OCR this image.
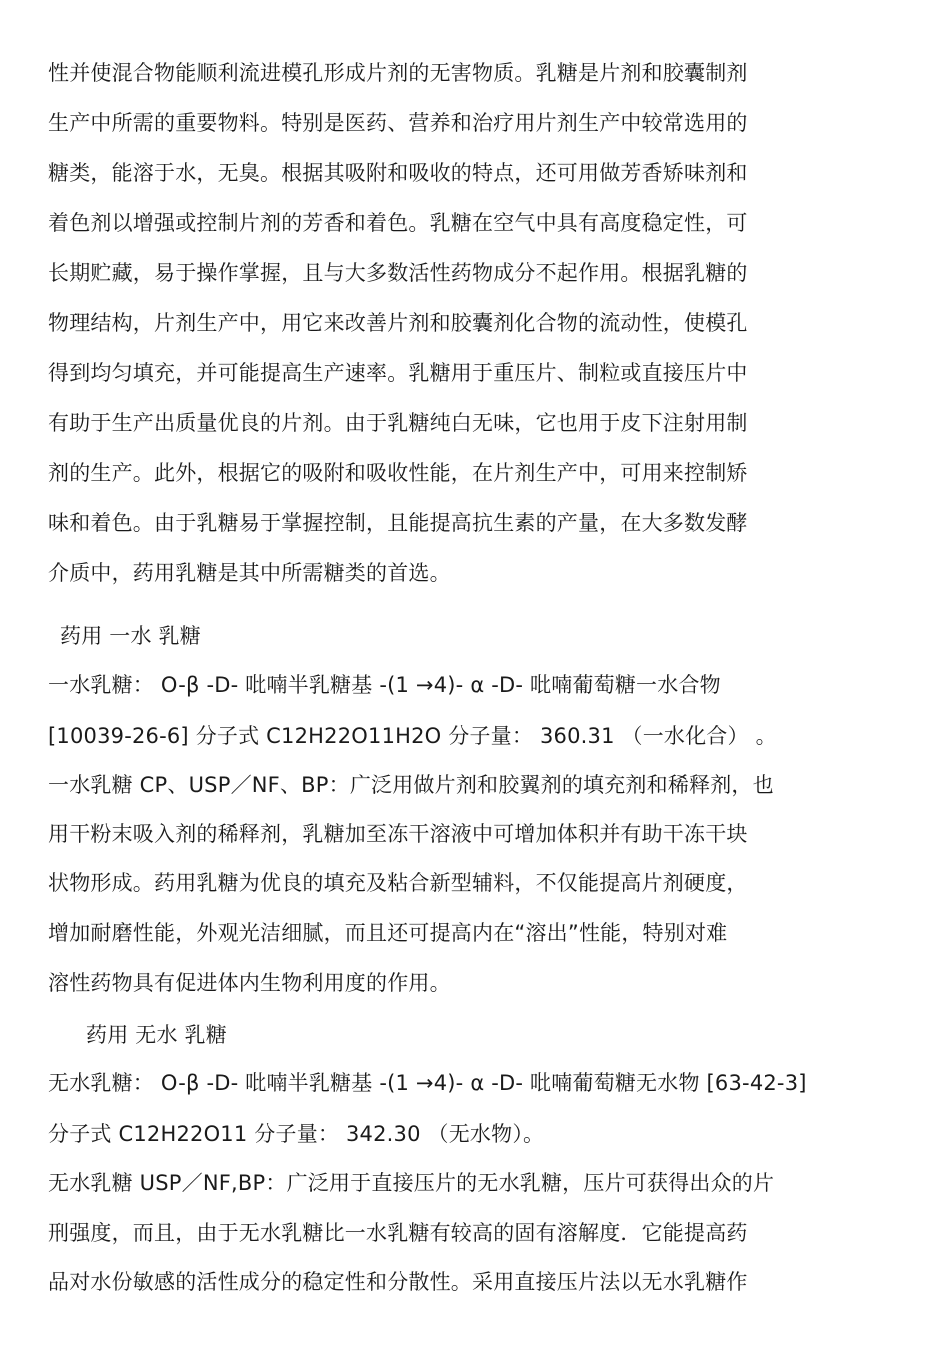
性并使混合物能顺利流进模孔形成片剂的无害物质。乳糖是片剂和胶囊制剂
生产中所需的重要物料。特别是医药、营养和治疗用片剂生产中较常选用的
糖类，能溶于水，无臭。根据其吸附和吸收的特点，还可用做芳香矫味剂和
着色剂以增强或控制片剂的芳香和着色。乳糖在空气中具有高度稳定性，可
长期贮藏，易于操作掌握，且与大多数活性药物成分不起作用。根据乳糖的
物理结构，片剂生产中，用它来改善片剂和胶囊剂化合物的流动性，使模孔
得到均匀填充，并可能提高生产速率。乳糖用于重压片、制粒或直接压片中
有助于生产出质量优良的片剂。由于乳糖纯白无味，它也用于皮下注射用制
剂的生产。此外，根据它的吸附和吸收性能，在片剂生产中，可用来控制矫
味和着色。由于乳糖易于掌握控制，且能提高抗生素的产量，在大多数发酵
介质中，药用乳糖是其中所需糖类的首选。
药用 一水 乳糖
一水乳糖： O-β -D- 吡喃半乳糖基 -(1 →4)- α -D- 吡喃葡萄糖一水合物
[10039-26-6] 分子式 C12H22O11H2O 分子量： 360.31 （一水化合） 。
一水乳糖 CP、USP／NF、BP：广泛用做片剂和胶翼剂的填充剂和稀释剂，也
用干粉末吸入剂的稀释剂，乳糖加至冻干溶液中可增加体积并有助干冻干块
状物形成。药用乳糖为优良的填充及粘合新型辅料，不仅能提高片剂硬度，
增加耐磨性能，外观光洁细腻，而且还可提高内在“溶出”性能，特别对难
溶性药物具有促进体内生物利用度的作用。
药用 无水 乳糖
无水乳糖： O-β -D- 吡喃半乳糖基 -(1 →4)- α -D- 吡喃葡萄糖无水物 [63-42-3]
分子式 C12H22O11 分子量： 342.30 （无水物）。
无水乳糖 USP／NF,BP：广泛用于直接压片的无水乳糖，压片可获得出众的片
刑强度，而且，由于无水乳糖比一水乳糖有较高的固有溶解度．它能提高药
品对水份敏感的活性成分的稳定性和分散性。采用直接压片法以无水乳糖作
